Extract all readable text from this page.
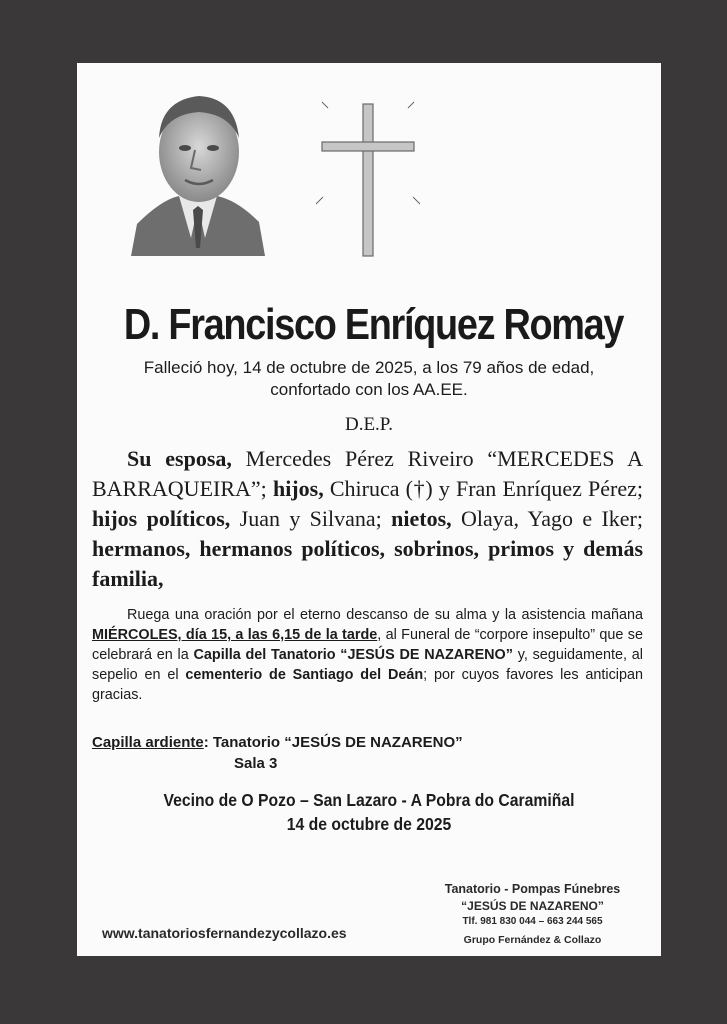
D. Francisco Enríquez Romay
Falleció hoy, 14 de octubre de 2025, a los 79 años de edad,
confortado con los AA.EE.
D.E.P.
Su esposa, Mercedes Pérez Riveiro “MERCEDES A BARRAQUEIRA”; hijos, Chiruca (†) y Fran Enríquez Pérez; hijos políticos, Juan y Silvana; nietos, Olaya, Yago e Iker; hermanos, hermanos políticos, sobrinos, primos y demás familia,
Ruega una oración por el eterno descanso de su alma y la asistencia mañana MIÉRCOLES, día 15, a las 6,15 de la tarde, al Funeral de “corpore insepulto” que se celebrará en la Capilla del Tanatorio “JESÚS DE NAZARENO” y, seguidamente, al sepelio en el cementerio de Santiago del Deán; por cuyos favores les anticipan gracias.
Capilla ardiente: Tanatorio “JESÚS DE NAZARENO”
Sala 3
Vecino de O Pozo – San Lazaro - A Pobra do Caramiñal
14 de octubre de 2025
www.tanatoriosfernandezycollazo.es
Tanatorio - Pompas Fúnebres
“JESÚS DE NAZARENO”
Tlf. 981 830 044 – 663 244 565
Grupo Fernández & Collazo
